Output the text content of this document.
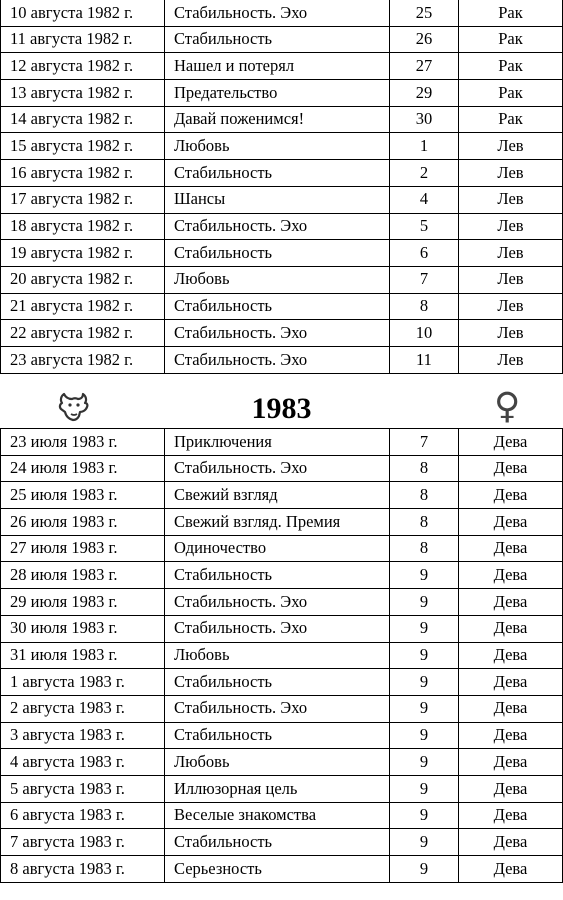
10 августа 1982 г.	Стабильность. Эхо	25	Рак
11 августа 1982 г.	Стабильность	26	Рак
12 августа 1982 г.	Нашел и потерял	27	Рак
13 августа 1982 г.	Предательство	29	Рак
14 августа 1982 г.	Давай поженимся!	30	Рак
15 августа 1982 г.	Любовь	1	Лев
16 августа 1982 г.	Стабильность	2	Лев
17 августа 1982 г.	Шансы	4	Лев
18 августа 1982 г.	Стабильность. Эхо	5	Лев
19 августа 1982 г.	Стабильность	6	Лев
20 августа 1982 г.	Любовь	7	Лев
21 августа 1982 г.	Стабильность	8	Лев
22 августа 1982 г.	Стабильность. Эхо	10	Лев
23 августа 1982 г.	Стабильность. Эхо	11	Лев
1983	♀
23 июля 1983 г.	Приключения	7	Дева
24 июля 1983 г.	Стабильность. Эхо	8	Дева
25 июля 1983 г.	Свежий взгляд	8	Дева
26 июля 1983 г.	Свежий взгляд. Премия	8	Дева
27 июля 1983 г.	Одиночество	8	Дева
28 июля 1983 г.	Стабильность	9	Дева
29 июля 1983 г.	Стабильность. Эхо	9	Дева
30 июля 1983 г.	Стабильность. Эхо	9	Дева
31 июля 1983 г.	Любовь	9	Дева
1 августа 1983 г.	Стабильность	9	Дева
2 августа 1983 г.	Стабильность. Эхо	9	Дева
3 августа 1983 г.	Стабильность	9	Дева
4 августа 1983 г.	Любовь	9	Дева
5 августа 1983 г.	Иллюзорная цель	9	Дева
6 августа 1983 г.	Веселые знакомства	9	Дева
7 августа 1983 г.	Стабильность	9	Дева
8 августа 1983 г.	Серьезность	9	Дева
